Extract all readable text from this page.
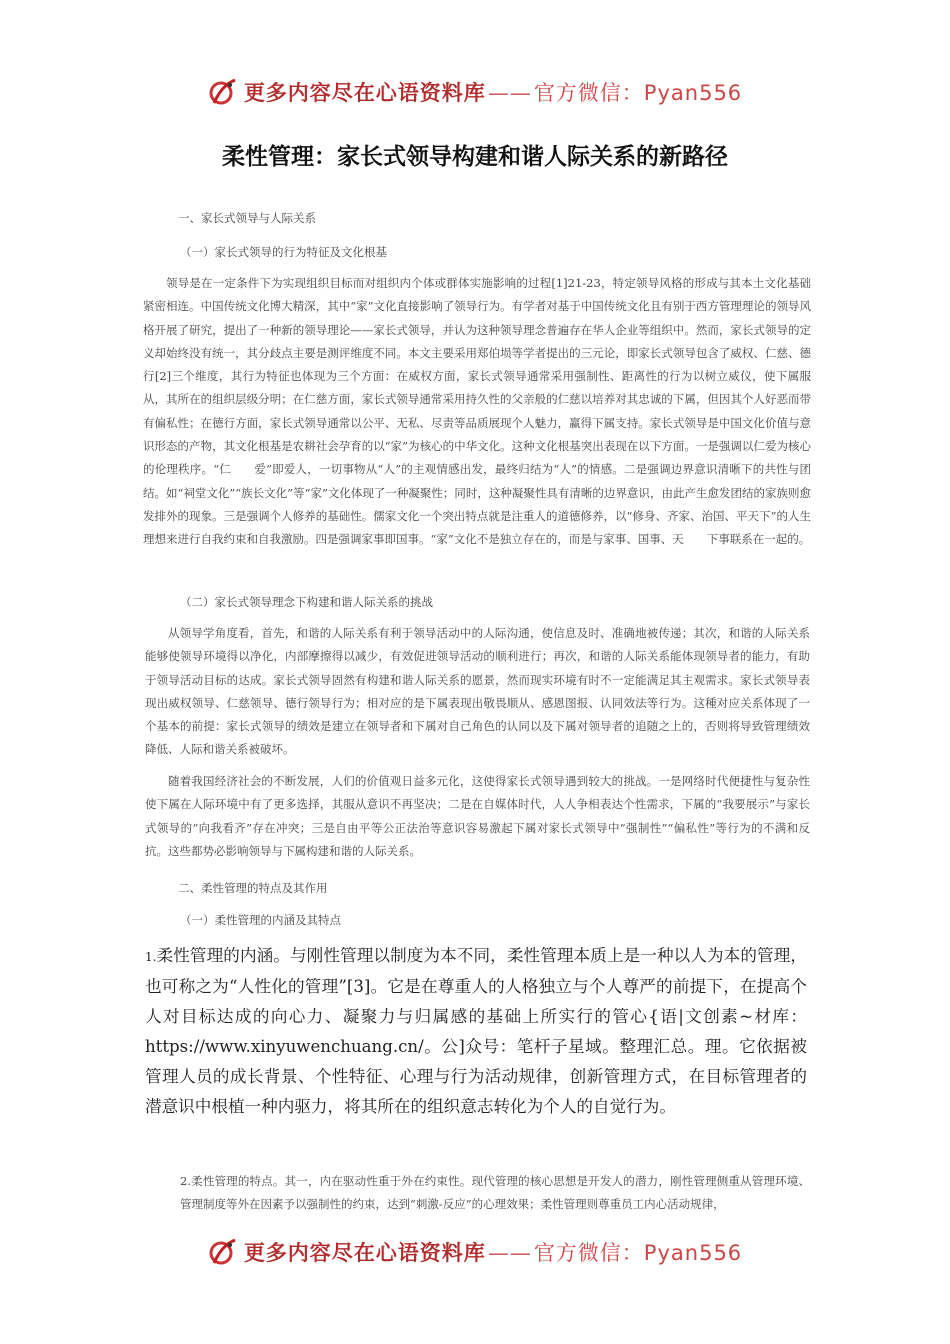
更多内容尽在心语资料库——官方微信：Pyan556
柔性管理：家长式领导构建和谐人际关系的新路径
一、家长式领导与人际关系
（一）家长式领导的行为特征及文化根基

领导是在一定条件下为实现组织目标而对组织内个体或群体实施影响的过程[1]21-23，特定领导风格的形成与其本土文化基础紧密相连。中国传统文化博大精深，其中“家”文化直接影响了领导行为。有学者对基于中国传统文化且有别于西方管理理论的领导风格开展了研究，提出了一种新的领导理论——家长式领导，并认为这种领导理念普遍存在华人企业等组织中。然而，家长式领导的定义却始终没有统一，其分歧点主要是测评维度不同。本文主要采用郑伯埙等学者提出的三元论，即家长式领导包含了威权、仁慈、德行[2]三个维度，其行为特征也体现为三个方面：在威权方面，家长式领导通常采用强制性、距离性的行为以树立威仪，使下属服从，其所在的组织层级分明；在仁慈方面，家长式领导通常采用持久性的父亲般的仁慈以培养对其忠诚的下属，但因其个人好恶而带有偏私性；在德行方面，家长式领导通常以公平、无私、尽责等品质展现个人魅力，赢得下属支持。家长式领导是中国文化价值与意识形态的产物，其文化根基是农耕社会孕育的以“家”为核心的中华文化。这种文化根基突出表现在以下方面。一是强调以仁爱为核心的伦理秩序。“仁　　爱”即爱人，一切事物从“人”的主观情感出发，最终归结为“人”的情感。二是强调边界意识清晰下的共性与团结。如“祠堂文化”“族长文化”等“家”文化体现了一种凝聚性；同时，这种凝聚性具有清晰的边界意识，由此产生愈发团结的家族则愈发排外的现象。三是强调个人修养的基础性。儒家文化一个突出特点就是注重人的道德修养，以“修身、齐家、治国、平天下”的人生理想来进行自我约束和自我激励。四是强调家事即国事。“家”文化不是独立存在的，而是与家事、国事、天　　下事联系在一起的。

（二）家长式领导理念下构建和谐人际关系的挑战

从领导学角度看，首先，和谐的人际关系有利于领导活动中的人际沟通，使信息及时、准确地被传递；其次，和谐的人际关系能够使领导环境得以净化，内部摩擦得以减少，有效促进领导活动的顺利进行；再次，和谐的人际关系能体现领导者的能力，有助于领导活动目标的达成。家长式领导固然有构建和谐人际关系的愿景，然而现实环境有时不一定能满足其主观需求。家长式领导表现出威权领导、仁慈领导、德行领导行为；相对应的是下属表现出敬畏顺从、感恩图报、认同效法等行为。这種对应关系体现了一个基本的前提：家长式领导的绩效是建立在领导者和下属对自己角色的认同以及下属对领导者的追随之上的，否则将导致管理绩效降低、人际和谐关系被破坏。

随着我国经济社会的不断发展，人们的价值观日益多元化，这使得家长式领导遇到较大的挑战。一是网络时代便捷性与复杂性使下属在人际环境中有了更多选择，其服从意识不再坚决；二是在自媒体时代，人人争相表达个性需求，下属的“我要展示”与家长式领导的“向我看齐”存在冲突；三是自由平等公正法治等意识容易激起下属对家长式领导中“强制性”“偏私性”等行为的不满和反抗。这些都势必影响领导与下属构建和谐的人际关系。

二、柔性管理的特点及其作用
（一）柔性管理的内涵及其特点

1.柔性管理的内涵。与刚性管理以制度为本不同，柔性管理本质上是一种以人为本的管理，也可称之为“人性化的管理”[3]。它是在尊重人的人格独立与个人尊严的前提下，在提高个人对目标达成的向心力、凝聚力与归属感的基础上所实行的管心{语|文创素~材库：https://www.xinyuwenchuang.cn/。公]众号：笔杆子星域。整理汇总。理。它依据被管理人员的成长背景、个性特征、心理与行为活动规律，创新管理方式，在目标管理者的潜意识中根植一种内驱力，将其所在的组织意志转化为个人的自觉行为。

2.柔性管理的特点。其一，内在驱动性重于外在约束性。现代管理的核心思想是开发人的潜力，刚性管理侧重从管理环境、管理制度等外在因素予以强制性的约束，达到“刺激-反应”的心理效果；柔性管理则尊重员工内心活动规律，

更多内容尽在心语资料库——官方微信：Pyan556
